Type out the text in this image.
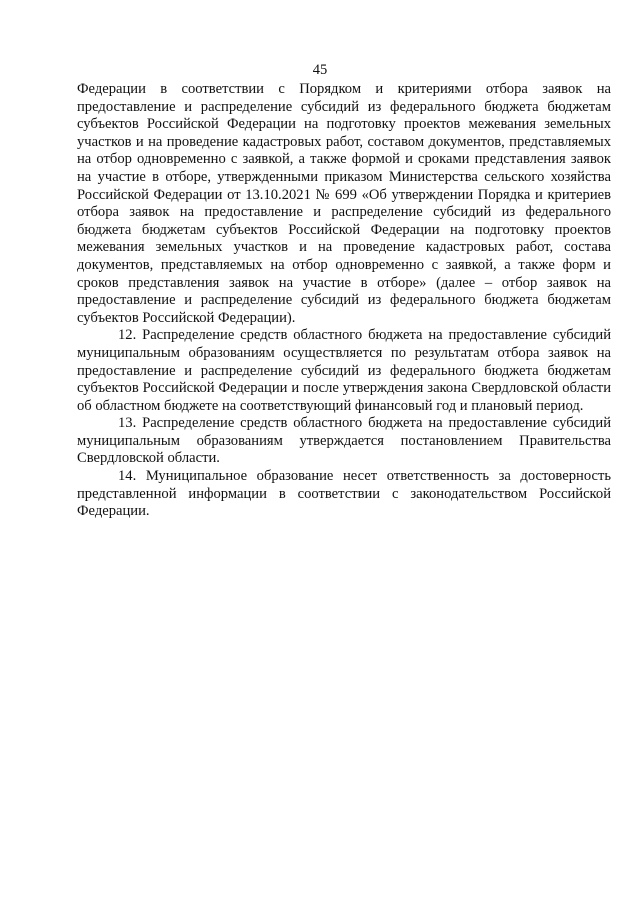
45

Федерации в соответствии с Порядком и критериями отбора заявок на предоставление и распределение субсидий из федерального бюджета бюджетам субъектов Российской Федерации на подготовку проектов межевания земельных участков и на проведение кадастровых работ, составом документов, представляемых на отбор одновременно с заявкой, а также формой и сроками представления заявок на участие в отборе, утвержденными приказом Министерства сельского хозяйства Российской Федерации от 13.10.2021 № 699 «Об утверждении Порядка и критериев отбора заявок на предоставление и распределение субсидий из федерального бюджета бюджетам субъектов Российской Федерации на подготовку проектов межевания земельных участков и на проведение кадастровых работ, состава документов, представляемых на отбор одновременно с заявкой, а также форм и сроков представления заявок на участие в отборе» (далее – отбор заявок на предоставление и распределение субсидий из федерального бюджета бюджетам субъектов Российской Федерации).

12. Распределение средств областного бюджета на предоставление субсидий муниципальным образованиям осуществляется по результатам отбора заявок на предоставление и распределение субсидий из федерального бюджета бюджетам субъектов Российской Федерации и после утверждения закона Свердловской области об областном бюджете на соответствующий финансовый год и плановый период.

13. Распределение средств областного бюджета на предоставление субсидий муниципальным образованиям утверждается постановлением Правительства Свердловской области.

14. Муниципальное образование несет ответственность за достоверность представленной информации в соответствии с законодательством Российской Федерации.
